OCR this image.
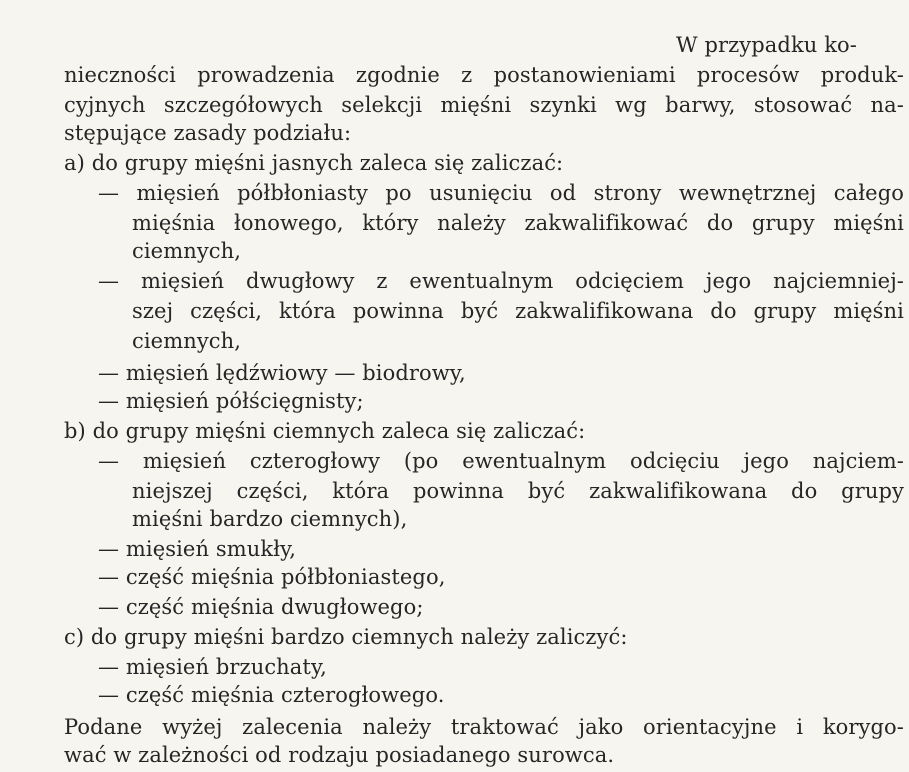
W przypadku ko-
nieczności prowadzenia zgodnie z postanowieniami procesów produk-
cyjnych szczegółowych selekcji mięśni szynki wg barwy, stosować na-
stępujące zasady podziału:
a) do grupy mięśni jasnych zaleca się zaliczać:
— mięsień półbłoniasty po usunięciu od strony wewnętrznej całego
mięśnia łonowego, który należy zakwalifikować do grupy mięśni
ciemnych,
— mięsień dwugłowy z ewentualnym odcięciem jego najciemniej-
szej części, która powinna być zakwalifikowana do grupy mięśni
ciemnych,
— mięsień lędźwiowy — biodrowy,
— mięsień półścięgnisty;
b) do grupy mięśni ciemnych zaleca się zaliczać:
— mięsień czterogłowy (po ewentualnym odcięciu jego najciem-
niejszej części, która powinna być zakwalifikowana do grupy
mięśni bardzo ciemnych),
— mięsień smukły,
— część mięśnia półbłoniastego,
— część mięśnia dwugłowego;
c) do grupy mięśni bardzo ciemnych należy zaliczyć:
— mięsień brzuchaty,
— część mięśnia czterogłowego.
Podane wyżej zalecenia należy traktować jako orientacyjne i korygo-
wać w zależności od rodzaju posiadanego surowca.
